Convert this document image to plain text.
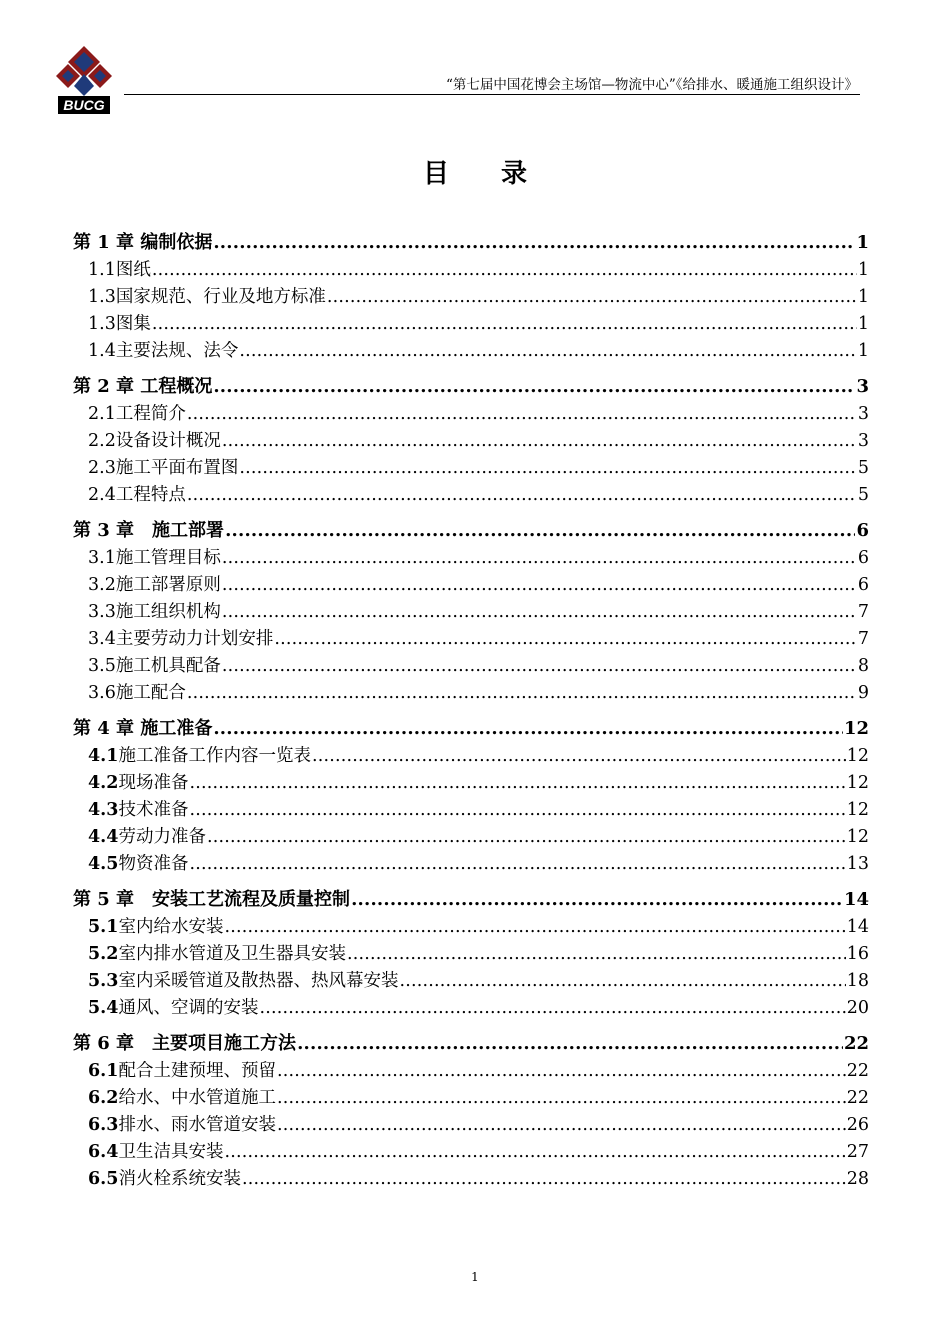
BUCG
“第七届中国花博会主场馆—物流中心”《给排水、暖通施工组织设计》
目　　录
第 1 章 编制依据 .....	1
1.1图纸 .....	1
1.3国家规范、行业及地方标准 .....	1
1.3图集 .....	1
1.4主要法规、法令 .....	1
第 2 章 工程概况 .....	3
2.1工程简介 .....	3
2.2设备设计概况 .....	3
2.3施工平面布置图 .....	5
2.4工程特点 .....	5
第 3 章　施工部署 .....	6
3.1施工管理目标 .....	6
3.2施工部署原则 .....	6
3.3施工组织机构 .....	7
3.4主要劳动力计划安排 .....	7
3.5施工机具配备 .....	8
3.6施工配合 .....	9
第 4 章 施工准备 .....	12
4.1施工准备工作内容一览表 .....	12
4.2现场准备 .....	12
4.3技术准备 .....	12
4.4劳动力准备 .....	12
4.5物资准备 .....	13
第 5 章　安装工艺流程及质量控制 .....	14
5.1室内给水安装 .....	14
5.2室内排水管道及卫生器具安装 .....	16
5.3室内采暖管道及散热器、热风幕安装 .....	18
5.4通风、空调的安装 .....	20
第 6 章　主要项目施工方法 .....	22
6.1配合土建预埋、预留 .....	22
6.2给水、中水管道施工 .....	22
6.3排水、雨水管道安装 .....	26
6.4卫生洁具安装 .....	27
6.5消火栓系统安装 .....	28
1
